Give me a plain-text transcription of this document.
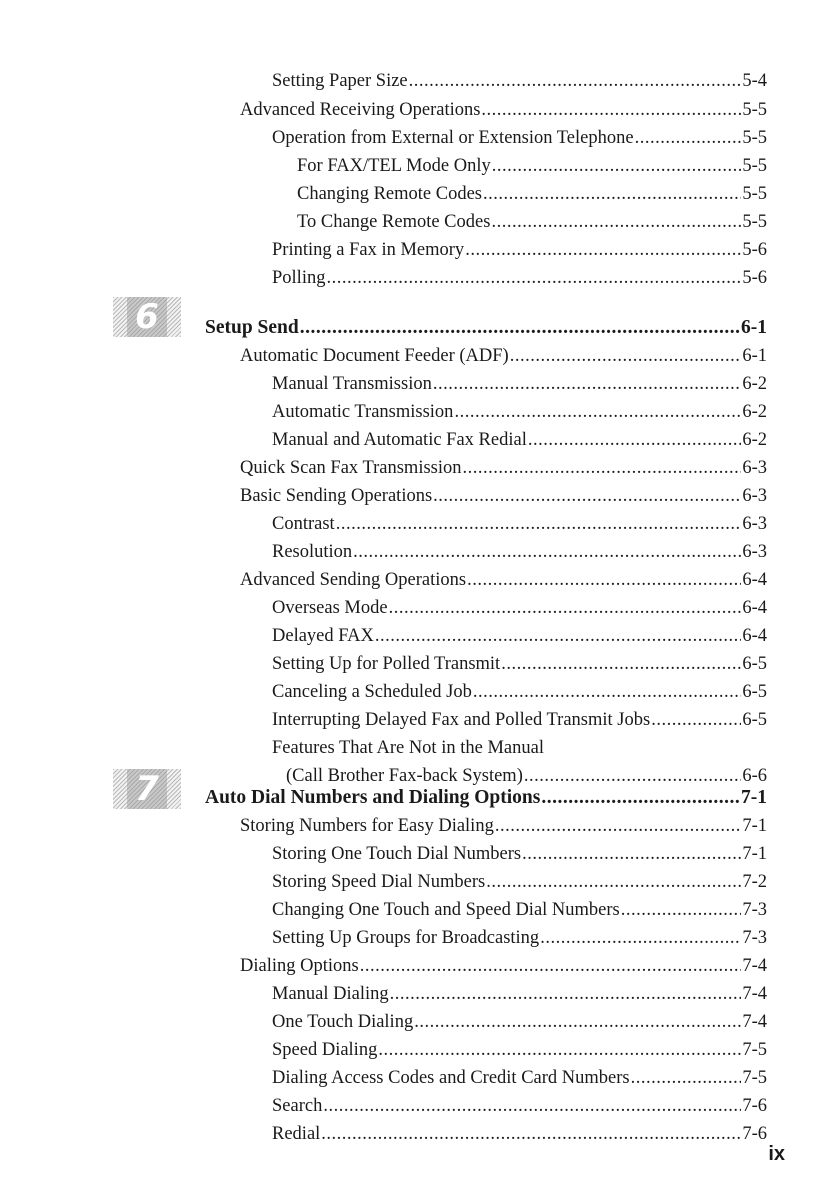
Setting Paper Size .....	5-4
Advanced Receiving Operations .....	5-5
Operation from External or Extension Telephone .....	5-5
For FAX/TEL Mode Only .....	5-5
Changing Remote Codes .....	5-5
To Change Remote Codes .....	5-5
Printing a Fax in Memory .....	5-6
Polling .....	5-6
6	Setup Send .....	6-1
Automatic Document Feeder (ADF) .....	6-1
Manual Transmission .....	6-2
Automatic Transmission .....	6-2
Manual and Automatic Fax Redial .....	6-2
Quick Scan Fax Transmission .....	6-3
Basic Sending Operations .....	6-3
Contrast .....	6-3
Resolution .....	6-3
Advanced Sending Operations .....	6-4
Overseas Mode .....	6-4
Delayed FAX .....	6-4
Setting Up for Polled Transmit .....	6-5
Canceling a Scheduled Job .....	6-5
Interrupting Delayed Fax and Polled Transmit Jobs .....	6-5
Features That Are Not in the Manual
(Call Brother Fax-back System) .....	6-6
7	Auto Dial Numbers and Dialing Options .....	7-1
Storing Numbers for Easy Dialing .....	7-1
Storing One Touch Dial Numbers .....	7-1
Storing Speed Dial Numbers .....	7-2
Changing One Touch and Speed Dial Numbers .....	7-3
Setting Up Groups for Broadcasting .....	7-3
Dialing Options .....	7-4
Manual Dialing .....	7-4
One Touch Dialing .....	7-4
Speed Dialing .....	7-5
Dialing Access Codes and Credit Card Numbers .....	7-5
Search .....	7-6
Redial .....	7-6
ix
